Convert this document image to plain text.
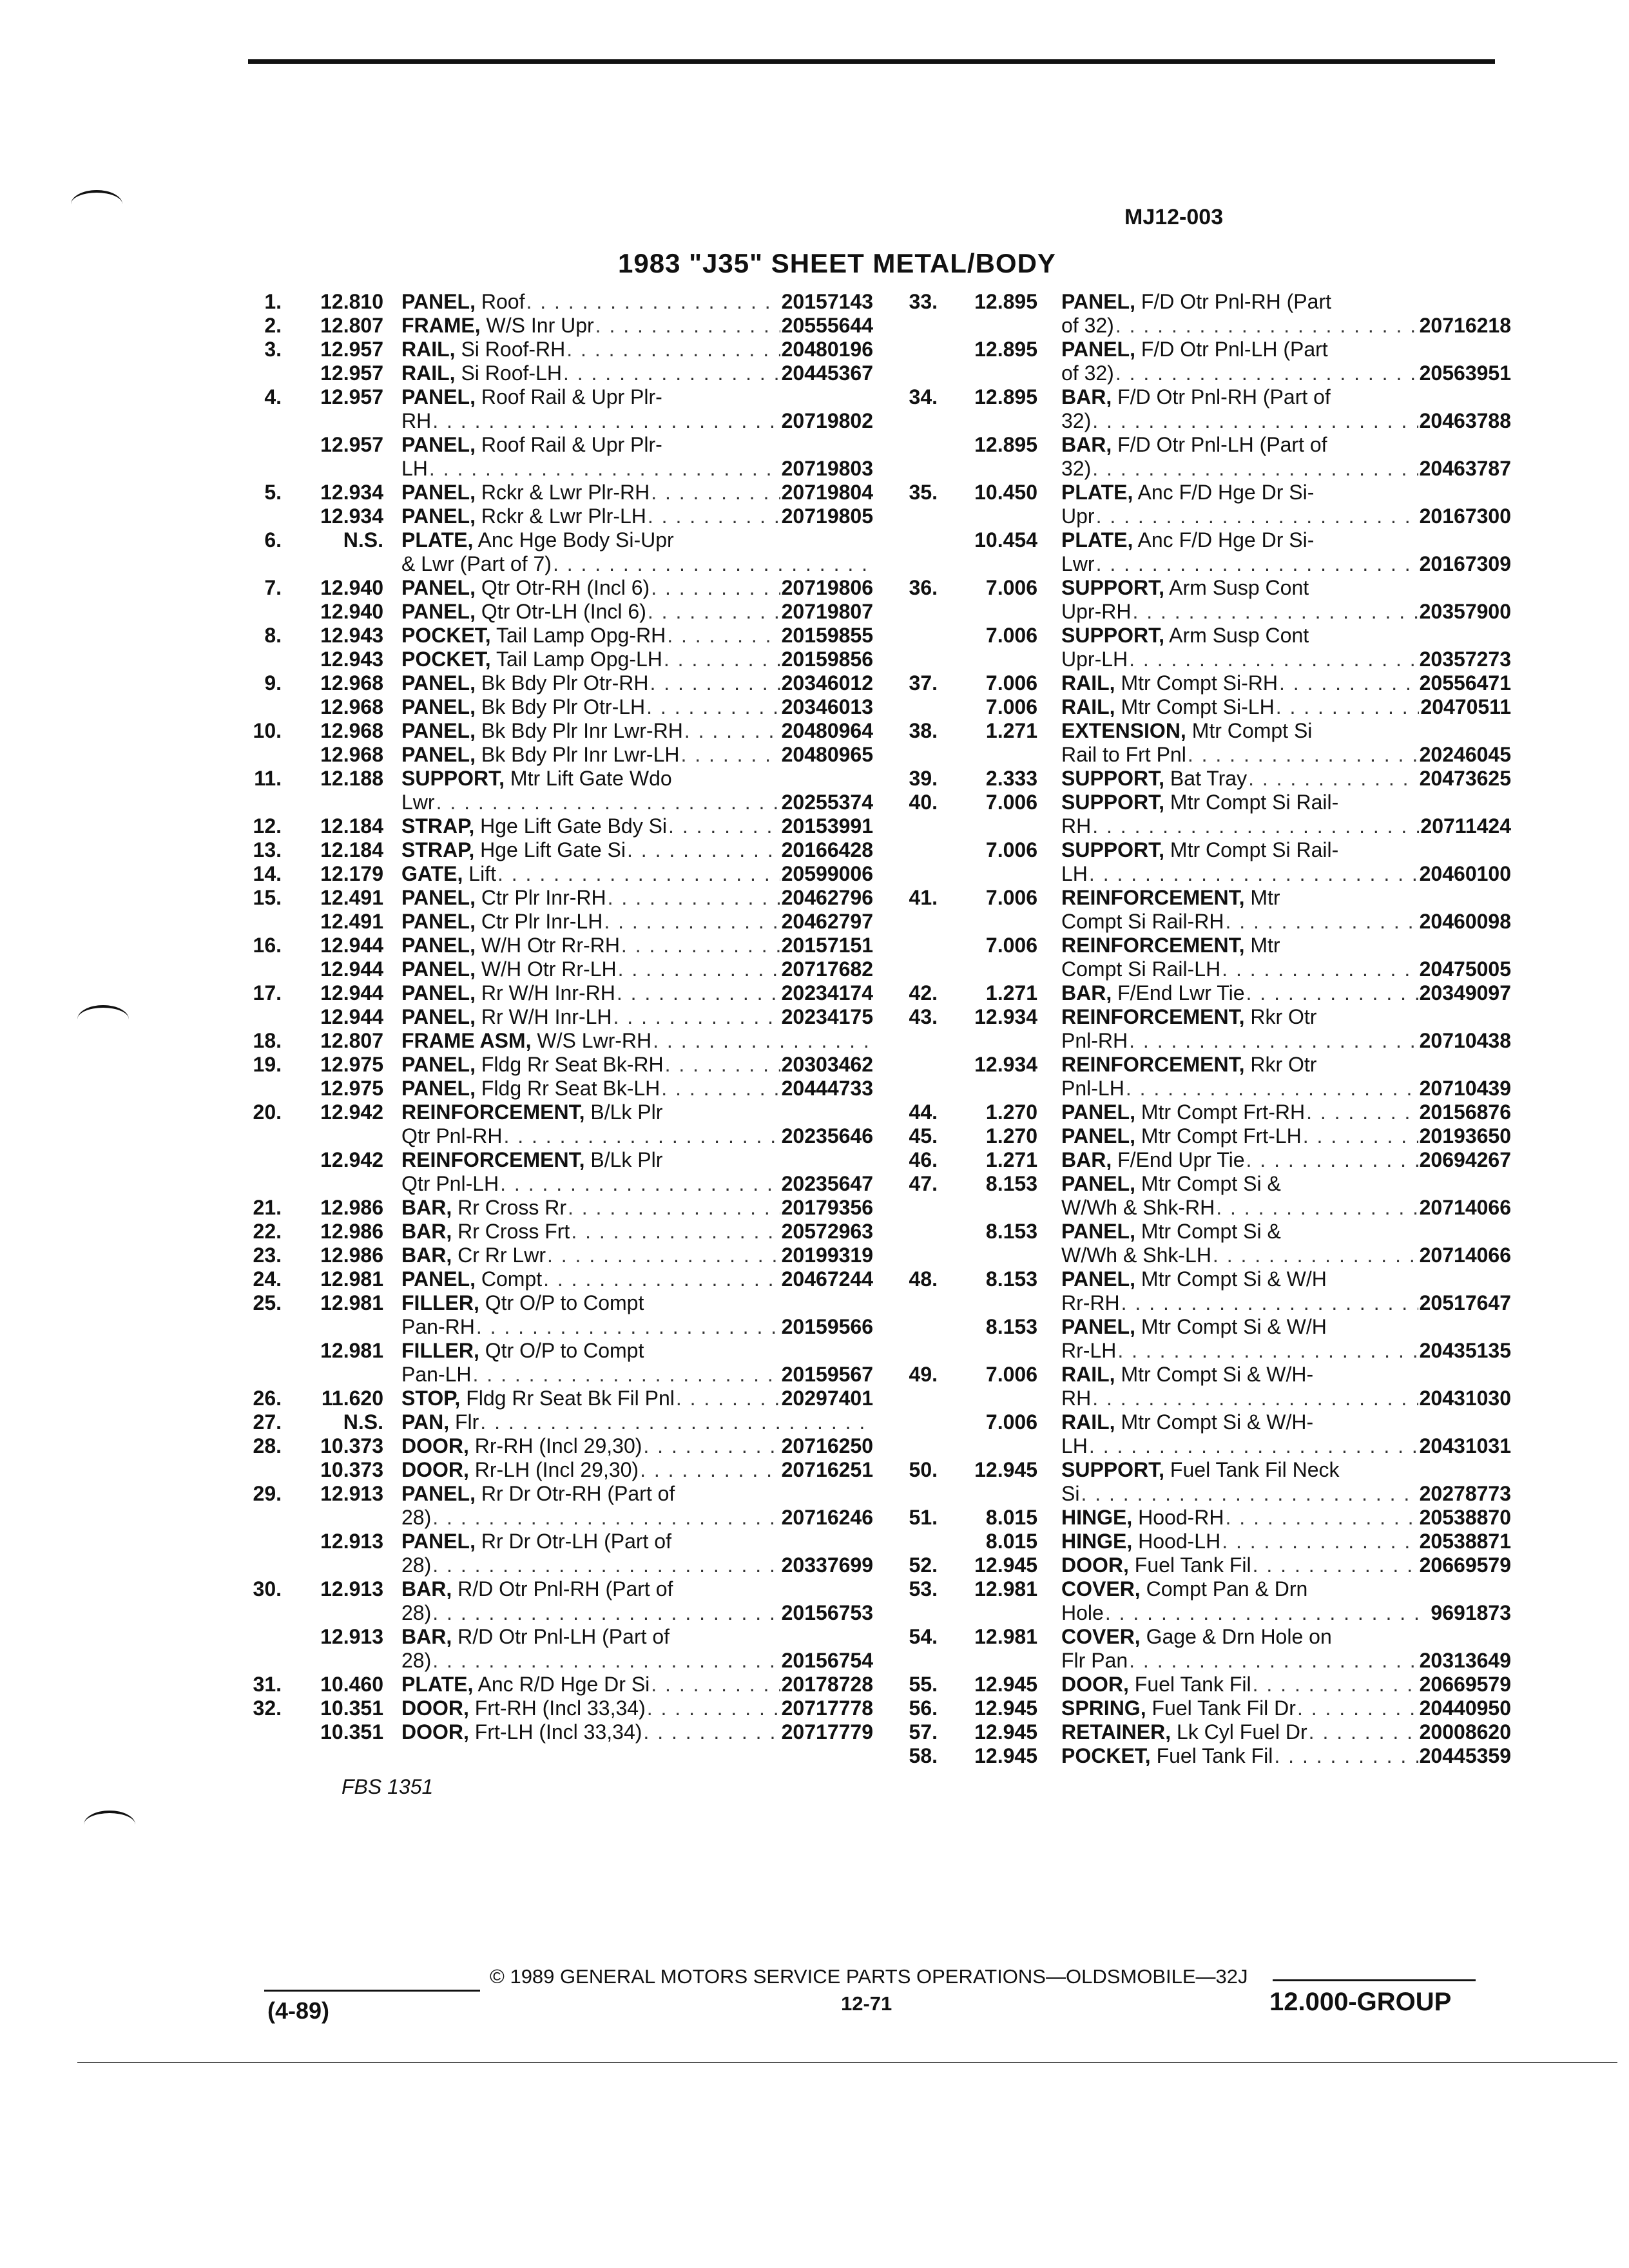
MJ12-003
1983 "J35" SHEET METAL/BODY
1.	12.810 PANEL, Roof . . .	20157143
2.	12.807 FRAME, W/S Inr Upr . . .	20555644
3.	12.957 RAIL, Si Roof-RH . . .	20480196
12.957 RAIL, Si Roof-LH . . .	20445367
4.	12.957 PANEL, Roof Rail & Upr Plr-
RH . . .	20719802
12.957 PANEL, Roof Rail & Upr Plr-
LH . . .	20719803
5.	12.934 PANEL, Rckr & Lwr Plr-RH . . .	20719804
12.934 PANEL, Rckr & Lwr Plr-LH . . .	20719805
6.	N.S. PLATE, Anc Hge Body Si-Upr
& Lwr (Part of 7)
. . .
7.	12.940 PANEL, Qtr Otr-RH (Incl 6) . . .	20719806
12.940 PANEL, Qtr Otr-LH (Incl 6) . . .	20719807
8.	12.943 POCKET, Tail Lamp Opg-RH . . .	20159855
12.943 POCKET, Tail Lamp Opg-LH . . .	20159856
9.	12.968 PANEL, Bk Bdy Plr Otr-RH . . .	20346012
12.968 PANEL, Bk Bdy Plr Otr-LH . . .	20346013
10.	12.968 PANEL, Bk Bdy Plr Inr Lwr-RH . . .	20480964
12.968 PANEL, Bk Bdy Plr Inr Lwr-LH . . .	20480965
11.	12.188 SUPPORT, Mtr Lift Gate Wdo
Lwr . . .	20255374
12.	12.184 STRAP, Hge Lift Gate Bdy Si . . .	20153991
13.	12.184 STRAP, Hge Lift Gate Si . . .	20166428
14.	12.179 GATE, Lift . . .	20599006
15.	12.491 PANEL, Ctr Plr Inr-RH . . .	20462796
12.491 PANEL, Ctr Plr Inr-LH . . .	20462797
16.	12.944 PANEL, W/H Otr Rr-RH . . .	20157151
12.944 PANEL, W/H Otr Rr-LH . . .	20717682
17.	12.944 PANEL, Rr W/H Inr-RH . . .	20234174
12.944 PANEL, Rr W/H Inr-LH . . .	20234175
18.	12.807 FRAME ASM, W/S Lwr-RH
. . .
19.	12.975 PANEL, Fldg Rr Seat Bk-RH . . .	20303462
12.975 PANEL, Fldg Rr Seat Bk-LH . . .	20444733
20.	12.942 REINFORCEMENT, B/Lk Plr
Qtr Pnl-RH . . .	20235646
12.942 REINFORCEMENT, B/Lk Plr
Qtr Pnl-LH . . .	20235647
21.	12.986 BAR, Rr Cross Rr . . .	20179356
22.	12.986 BAR, Rr Cross Frt . . .	20572963
23.	12.986 BAR, Cr Rr Lwr . . .	20199319
24.	12.981 PANEL, Compt . . .	20467244
25.	12.981 FILLER, Qtr O/P to Compt
Pan-RH . . .	20159566
12.981 FILLER, Qtr O/P to Compt
Pan-LH . . .	20159567
26.	11.620 STOP, Fldg Rr Seat Bk Fil Pnl . . .	20297401
27.	N.S. PAN, Flr
. . .
28.	10.373 DOOR, Rr-RH (Incl 29,30) . . .	20716250
10.373 DOOR, Rr-LH (Incl 29,30) . . .	20716251
29.	12.913 PANEL, Rr Dr Otr-RH (Part of
28) . . .	20716246
12.913 PANEL, Rr Dr Otr-LH (Part of
28) . . .	20337699
30.	12.913 BAR, R/D Otr Pnl-RH (Part of
28) . . .	20156753
12.913 BAR, R/D Otr Pnl-LH (Part of
28) . . .	20156754
31.	10.460 PLATE, Anc R/D Hge Dr Si . . .	20178728
32.	10.351 DOOR, Frt-RH (Incl 33,34) . . .	20717778
10.351 DOOR, Frt-LH (Incl 33,34) . . .	20717779
33.	12.895 PANEL, F/D Otr Pnl-RH (Part
of 32) . . .	20716218
12.895 PANEL, F/D Otr Pnl-LH (Part
of 32) . . .	20563951
34.	12.895 BAR, F/D Otr Pnl-RH (Part of
32) . . .	20463788
12.895 BAR, F/D Otr Pnl-LH (Part of
32) . . .	20463787
35.	10.450 PLATE, Anc F/D Hge Dr Si-
Upr . . .	20167300
10.454 PLATE, Anc F/D Hge Dr Si-
Lwr . . .	20167309
36.	7.006 SUPPORT, Arm Susp Cont
Upr-RH . . .	20357900
7.006 SUPPORT, Arm Susp Cont
Upr-LH . . .	20357273
37.	7.006 RAIL, Mtr Compt Si-RH . . .	20556471
7.006 RAIL, Mtr Compt Si-LH . . .	20470511
38.	1.271 EXTENSION, Mtr Compt Si
Rail to Frt Pnl . . .	20246045
39.	2.333 SUPPORT, Bat Tray . . .	20473625
40.	7.006 SUPPORT, Mtr Compt Si Rail-
RH . . .	20711424
7.006 SUPPORT, Mtr Compt Si Rail-
LH . . .	20460100
41.	7.006 REINFORCEMENT, Mtr
Compt Si Rail-RH . . .	20460098
7.006 REINFORCEMENT, Mtr
Compt Si Rail-LH . . .	20475005
42.	1.271 BAR, F/End Lwr Tie . . .	20349097
43.	12.934 REINFORCEMENT, Rkr Otr
Pnl-RH . . .	20710438
12.934 REINFORCEMENT, Rkr Otr
Pnl-LH . . .	20710439
44.	1.270 PANEL, Mtr Compt Frt-RH . . .	20156876
45.	1.270 PANEL, Mtr Compt Frt-LH . . .	20193650
46.	1.271 BAR, F/End Upr Tie . . .	20694267
47.	8.153 PANEL, Mtr Compt Si &
W/Wh & Shk-RH . . .	20714066
8.153 PANEL, Mtr Compt Si &
W/Wh & Shk-LH . . .	20714066
48.	8.153 PANEL, Mtr Compt Si & W/H
Rr-RH . . .	20517647
8.153 PANEL, Mtr Compt Si & W/H
Rr-LH . . .	20435135
49.	7.006 RAIL, Mtr Compt Si & W/H-
RH . . .	20431030
7.006 RAIL, Mtr Compt Si & W/H-
LH . . .	20431031
50.	12.945 SUPPORT, Fuel Tank Fil Neck
Si . . .	20278773
51.	8.015 HINGE, Hood-RH . . .	20538870
8.015 HINGE, Hood-LH . . .	20538871
52.	12.945 DOOR, Fuel Tank Fil . . .	20669579
53.	12.981 COVER, Compt Pan & Drn
Hole . . .	9691873
54.	12.981 COVER, Gage & Drn Hole on
Flr Pan . . .	20313649
55.	12.945 DOOR, Fuel Tank Fil . . .	20669579
56.	12.945 SPRING, Fuel Tank Fil Dr . . .	20440950
57.	12.945 RETAINER, Lk Cyl Fuel Dr . . .	20008620
58.	12.945 POCKET, Fuel Tank Fil . . .	20445359
FBS 1351
© 1989 GENERAL MOTORS SERVICE PARTS OPERATIONS—OLDSMOBILE—32J
(4-89)	12-71	12.000-GROUP
